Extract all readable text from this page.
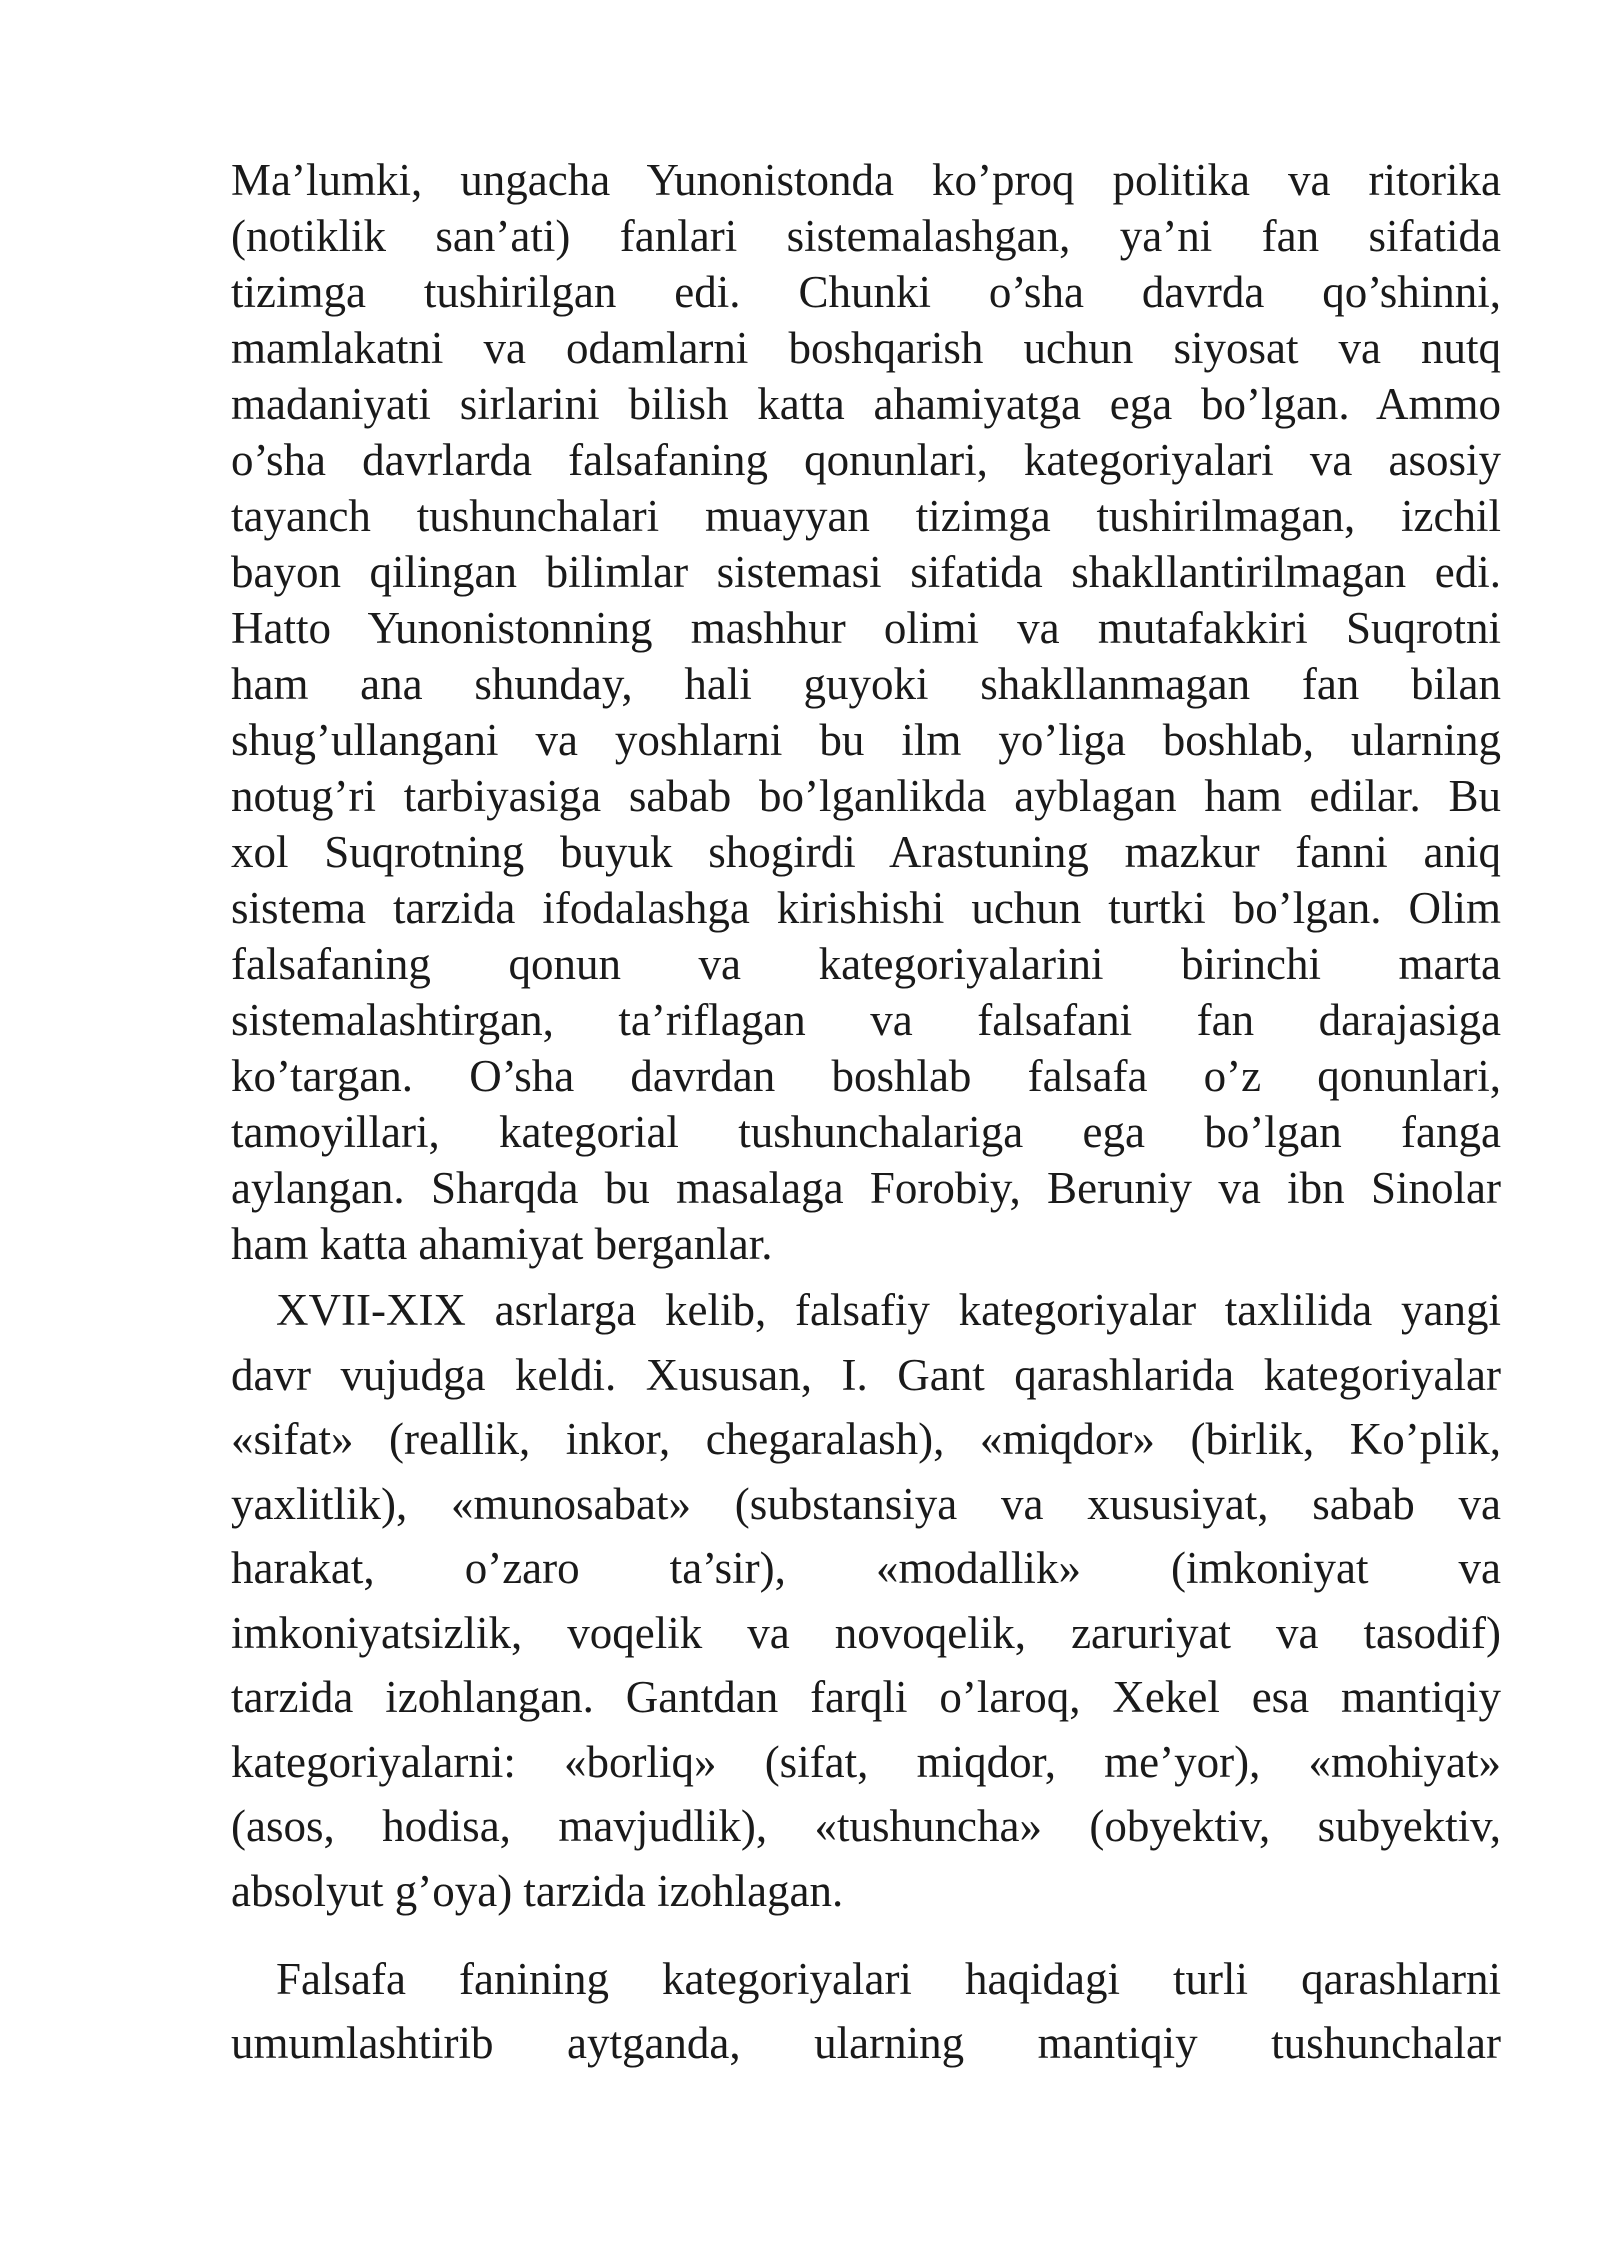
Ma’lumki, ungacha Yunonistonda ko’proq politika va ritorika
(notiklik san’ati) fanlari sistemalashgan, ya’ni fan sifatida
tizimga tushirilgan edi. Chunki o’sha davrda qo’shinni,
mamlakatni va odamlarni boshqarish uchun siyosat va nutq
madaniyati sirlarini bilish katta ahamiyatga ega bo’lgan. Ammo
o’sha davrlarda falsafaning qonunlari, kategoriyalari va asosiy
tayanch tushunchalari muayyan tizimga tushirilmagan, izchil
bayon qilingan bilimlar sistemasi sifatida shakllantirilmagan edi.
Hatto Yunonistonning mashhur olimi va mutafakkiri Suqrotni
ham ana shunday, hali guyoki shakllanmagan fan bilan
shug’ullangani va yoshlarni bu ilm yo’liga boshlab, ularning
notug’ri tarbiyasiga sabab bo’lganlikda ayblagan ham edilar. Bu
xol Suqrotning buyuk shogirdi Arastuning mazkur fanni aniq
sistema tarzida ifodalashga kirishishi uchun turtki bo’lgan. Olim
falsafaning qonun va kategoriyalarini birinchi marta
sistemalashtirgan, ta’riflagan va falsafani fan darajasiga
ko’targan. O’sha davrdan boshlab falsafa o’z qonunlari,
tamoyillari, kategorial tushunchalariga ega bo’lgan fanga
aylangan. Sharqda bu masalaga Forobiy, Beruniy va ibn Sinolar
ham katta ahamiyat berganlar.

XVII-XIX asrlarga kelib, falsafiy kategoriyalar taxlilida yangi
davr vujudga keldi. Xususan, I. Gant qarashlarida kategoriyalar
«sifat» (reallik, inkor, chegaralash), «miqdor» (birlik, Ko’plik,
yaxlitlik), «munosabat» (substansiya va xususiyat, sabab va
harakat, o’zaro ta’sir), «modallik» (imkoniyat va
imkoniyatsizlik, voqelik va novoqelik, zaruriyat va tasodif)
tarzida izohlangan. Gantdan farqli o’laroq, Xekel esa mantiqiy
kategoriyalarni: «borliq» (sifat, miqdor, me’yor), «mohiyat»
(asos, hodisa, mavjudlik), «tushuncha» (obyektiv, subyektiv,
absolyut g’oya) tarzida izohlagan.

Falsafa fanining kategoriyalari haqidagi turli qarashlarni
umumlashtirib aytganda, ularning mantiqiy tushunchalar
